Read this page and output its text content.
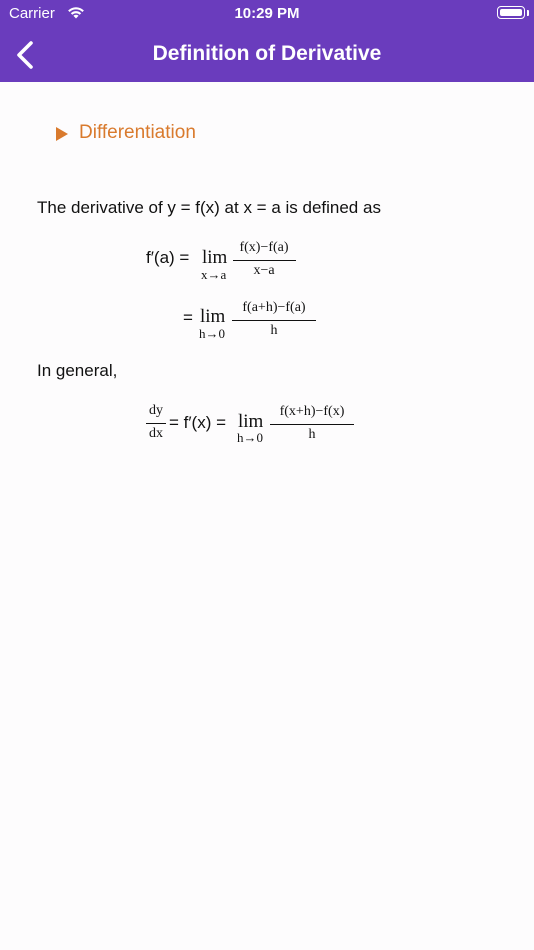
Carrier	10:29 PM
Definition of Derivative
Differentiation
The derivative of y = f(x) at x = a is defined as
f′(a) = lim
x→a
f(x)−f(a)
x−a
= lim
h→0
f(a+h)−f(a)
h
In general,
dy
dx
= f′(x) = lim
h→0
f(x+h)−f(x)
h
